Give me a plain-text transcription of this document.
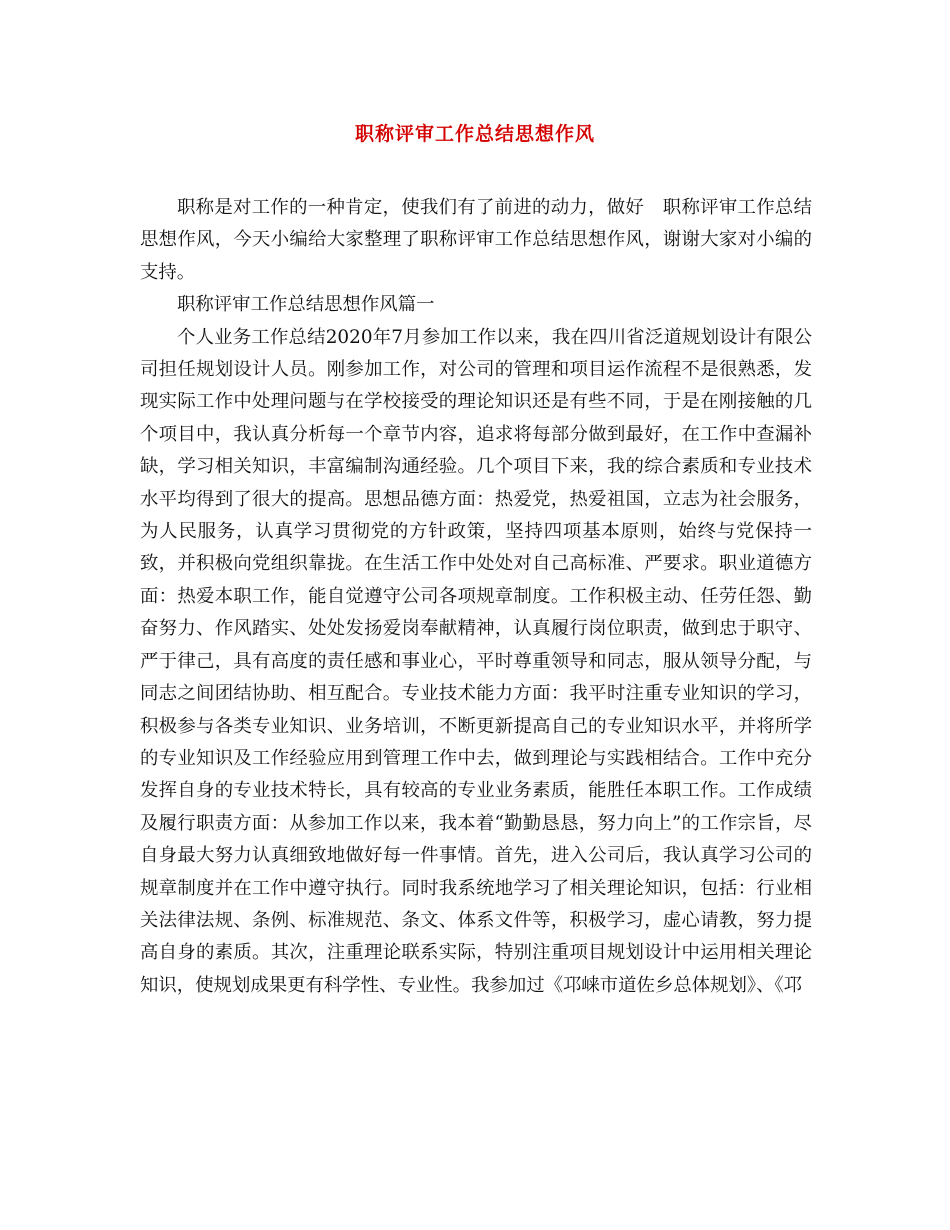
职称评审工作总结思想作风

职称是对工作的一种肯定，使我们有了前进的动力，做好　职称评审工作总结思想作风，今天小编给大家整理了职称评审工作总结思想作风，谢谢大家对小编的支持。

职称评审工作总结思想作风篇一

个人业务工作总结2020年7月参加工作以来，我在四川省泛道规划设计有限公司担任规划设计人员。刚参加工作，对公司的管理和项目运作流程不是很熟悉，发现实际工作中处理问题与在学校接受的理论知识还是有些不同，于是在刚接触的几个项目中，我认真分析每一个章节内容，追求将每部分做到最好，在工作中查漏补缺，学习相关知识，丰富编制沟通经验。几个项目下来，我的综合素质和专业技术水平均得到了很大的提高。思想品德方面：热爱党，热爱祖国，立志为社会服务，为人民服务，认真学习贯彻党的方针政策，坚持四项基本原则，始终与党保持一致，并积极向党组织靠拢。在生活工作中处处对自己高标准、严要求。职业道德方面：热爱本职工作，能自觉遵守公司各项规章制度。工作积极主动、任劳任怨、勤奋努力、作风踏实、处处发扬爱岗奉献精神，认真履行岗位职责，做到忠于职守、严于律己，具有高度的责任感和事业心，平时尊重领导和同志，服从领导分配，与同志之间团结协助、相互配合。专业技术能力方面：我平时注重专业知识的学习，积极参与各类专业知识、业务培训，不断更新提高自己的专业知识水平，并将所学的专业知识及工作经验应用到管理工作中去，做到理论与实践相结合。工作中充分发挥自身的专业技术特长，具有较高的专业业务素质，能胜任本职工作。工作成绩及履行职责方面：从参加工作以来，我本着“勤勤恳恳，努力向上”的工作宗旨，尽自身最大努力认真细致地做好每一件事情。首先，进入公司后，我认真学习公司的规章制度并在工作中遵守执行。同时我系统地学习了相关理论知识，包括：行业相关法律法规、条例、标准规范、条文、体系文件等，积极学习，虚心请教，努力提高自身的素质。其次，注重理论联系实际，特别注重项目规划设计中运用相关理论知识，使规划成果更有科学性、专业性。我参加过《邛崃市道佐乡总体规划》、《邛
